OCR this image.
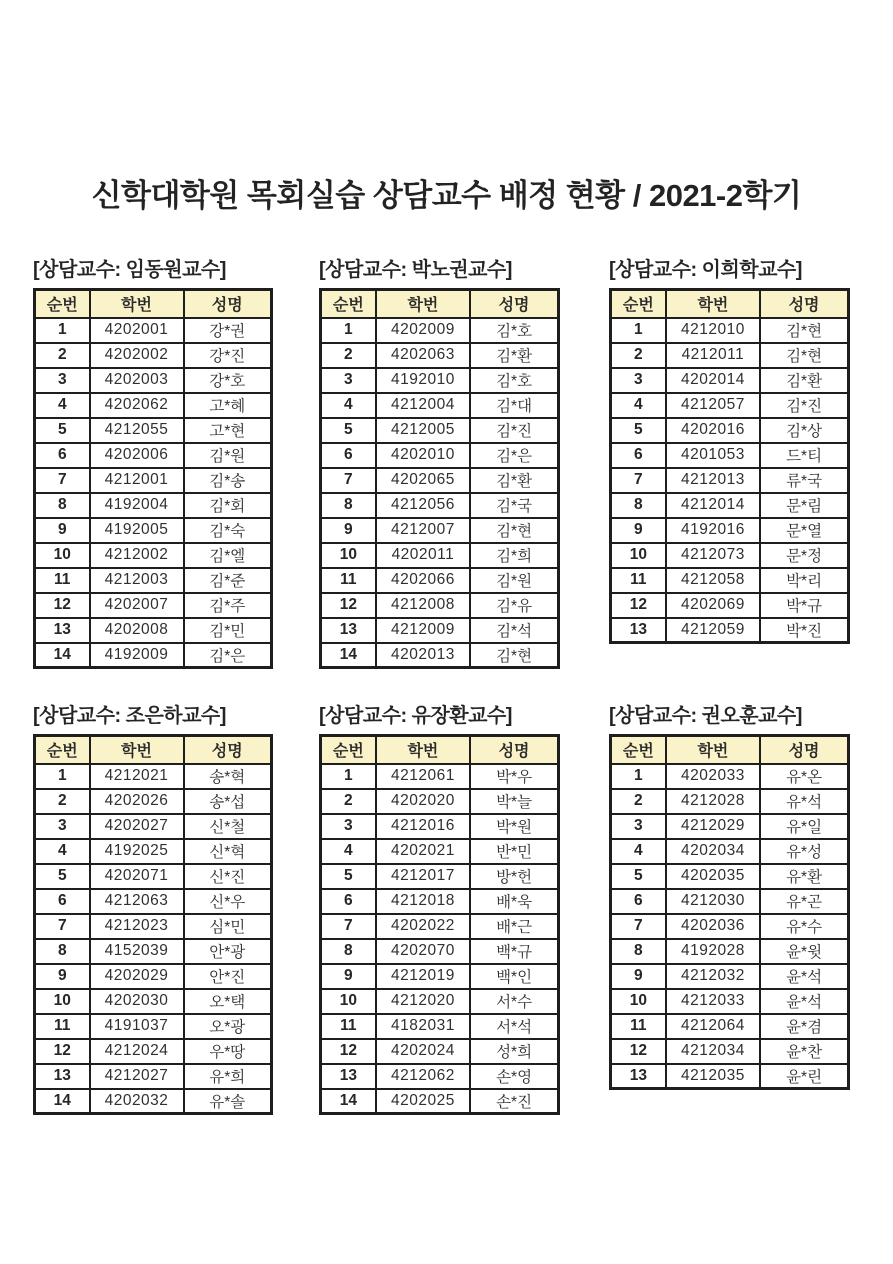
신학대학원 목회실습 상담교수 배정 현황 / 2021-2학기
[상담교수: 임동원교수]
순번	학번	성명
1	4202001	강*권
2	4202002	강*진
3	4202003	강*호
4	4202062	고*혜
5	4212055	고*현
6	4202006	김*원
7	4212001	김*송
8	4192004	김*회
9	4192005	김*숙
10	4212002	김*엘
11	4212003	김*준
12	4202007	김*주
13	4202008	김*민
14	4192009	김*은
[상담교수: 박노권교수]
순번	학번	성명
1	4202009	김*호
2	4202063	김*환
3	4192010	김*호
4	4212004	김*대
5	4212005	김*진
6	4202010	김*은
7	4202065	김*환
8	4212056	김*국
9	4212007	김*현
10	4202011	김*희
11	4202066	김*원
12	4212008	김*유
13	4212009	김*석
14	4202013	김*현
[상담교수: 이희학교수]
순번	학번	성명
1	4212010	김*현
2	4212011	김*현
3	4202014	김*환
4	4212057	김*진
5	4202016	김*상
6	4201053	드*티
7	4212013	류*국
8	4212014	문*림
9	4192016	문*열
10	4212073	문*정
11	4212058	박*리
12	4202069	박*규
13	4212059	박*진
[상담교수: 조은하교수]
순번	학번	성명
1	4212021	송*혁
2	4202026	송*섭
3	4202027	신*철
4	4192025	신*혁
5	4202071	신*진
6	4212063	신*우
7	4212023	심*민
8	4152039	안*광
9	4202029	안*진
10	4202030	오*택
11	4191037	오*광
12	4212024	우*땅
13	4212027	유*희
14	4202032	유*솔
[상담교수: 유장환교수]
순번	학번	성명
1	4212061	박*우
2	4202020	박*늘
3	4212016	박*원
4	4202021	반*민
5	4212017	방*헌
6	4212018	배*욱
7	4202022	배*근
8	4202070	백*규
9	4212019	백*인
10	4212020	서*수
11	4182031	서*석
12	4202024	성*희
13	4212062	손*영
14	4202025	손*진
[상담교수: 권오훈교수]
순번	학번	성명
1	4202033	유*온
2	4212028	유*석
3	4212029	유*일
4	4202034	유*성
5	4202035	유*환
6	4212030	유*곤
7	4202036	유*수
8	4192028	윤*윗
9	4212032	윤*석
10	4212033	윤*석
11	4212064	윤*겸
12	4212034	윤*찬
13	4212035	윤*린
